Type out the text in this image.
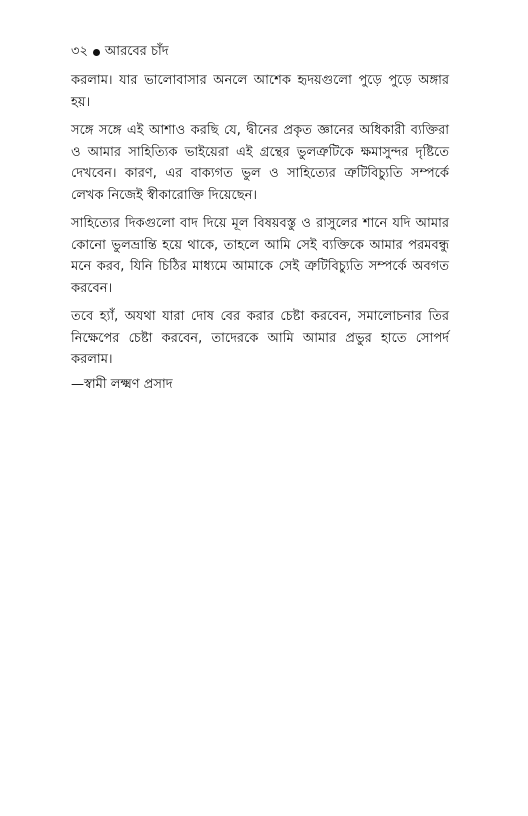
৩২ আরবের চাঁদ

করলাম। যার ভালোবাসার অনলে আশেক হৃদয়গুলো পুড়ে পুড়ে অঙ্গার হয়।

সঙ্গে সঙ্গে এই আশাও করছি যে, দ্বীনের প্রকৃত জ্ঞানের অধিকারী ব্যক্তিরা ও আমার সাহিত্যিক ভাইয়েরা এই গ্রন্থের ভুলত্রুটিকে ক্ষমাসুন্দর দৃষ্টিতে দেখবেন। কারণ, এর বাক্যগত ভুল ও সাহিত্যের ত্রুটিবিচ্যুতি সম্পর্কে লেখক নিজেই স্বীকারোক্তি দিয়েছেন।

সাহিত্যের দিকগুলো বাদ দিয়ে মূল বিষয়বস্তু ও রাসুলের শানে যদি আমার কোনো ভুলভ্রান্তি হয়ে থাকে, তাহলে আমি সেই ব্যক্তিকে আমার পরমবন্ধু মনে করব, যিনি চিঠির মাধ্যমে আমাকে সেই ত্রুটিবিচ্যুতি সম্পর্কে অবগত করবেন।

তবে হ্যাঁ, অযথা যারা দোষ বের করার চেষ্টা করবেন, সমালোচনার তির নিক্ষেপের চেষ্টা করবেন, তাদেরকে আমি আমার প্রভুর হাতে সোপর্দ করলাম।

—স্বামী লক্ষ্মণ প্রসাদ
